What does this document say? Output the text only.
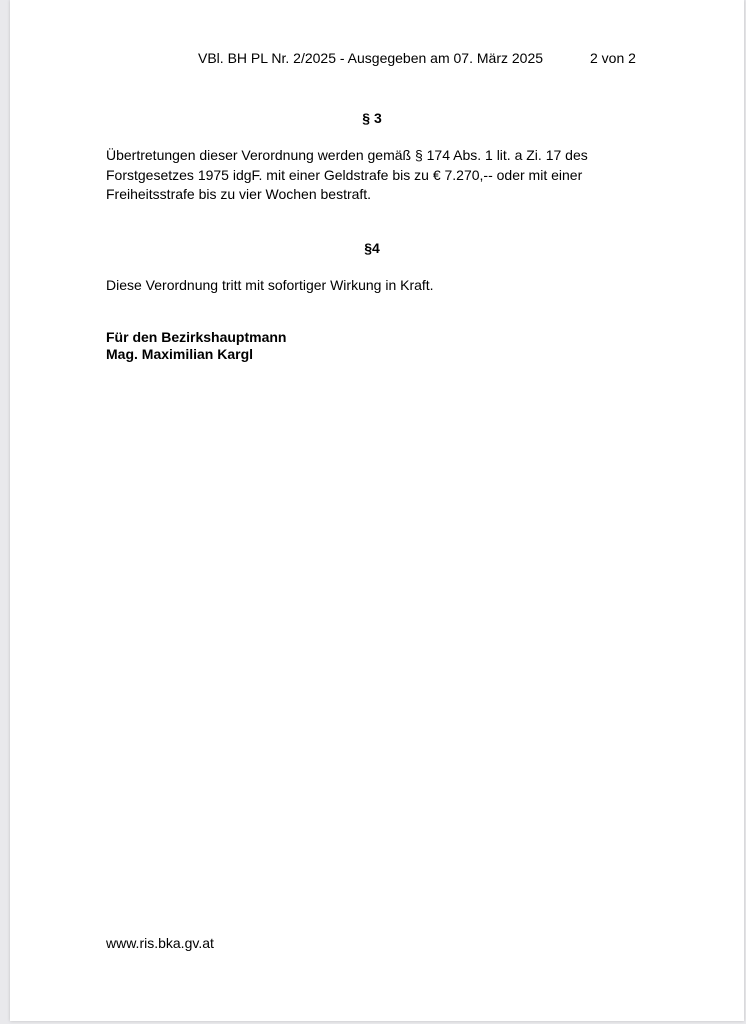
VBl. BH PL Nr. 2/2025 - Ausgegeben am 07. März 2025	2 von 2
§ 3
Übertretungen dieser Verordnung werden gemäß § 174 Abs. 1 lit. a Zi. 17 des
Forstgesetzes 1975 idgF. mit einer Geldstrafe bis zu € 7.270,-- oder mit einer
Freiheitsstrafe bis zu vier Wochen bestraft.
§4
Diese Verordnung tritt mit sofortiger Wirkung in Kraft.
Für den Bezirkshauptmann
Mag. Maximilian Kargl
www.ris.bka.gv.at
